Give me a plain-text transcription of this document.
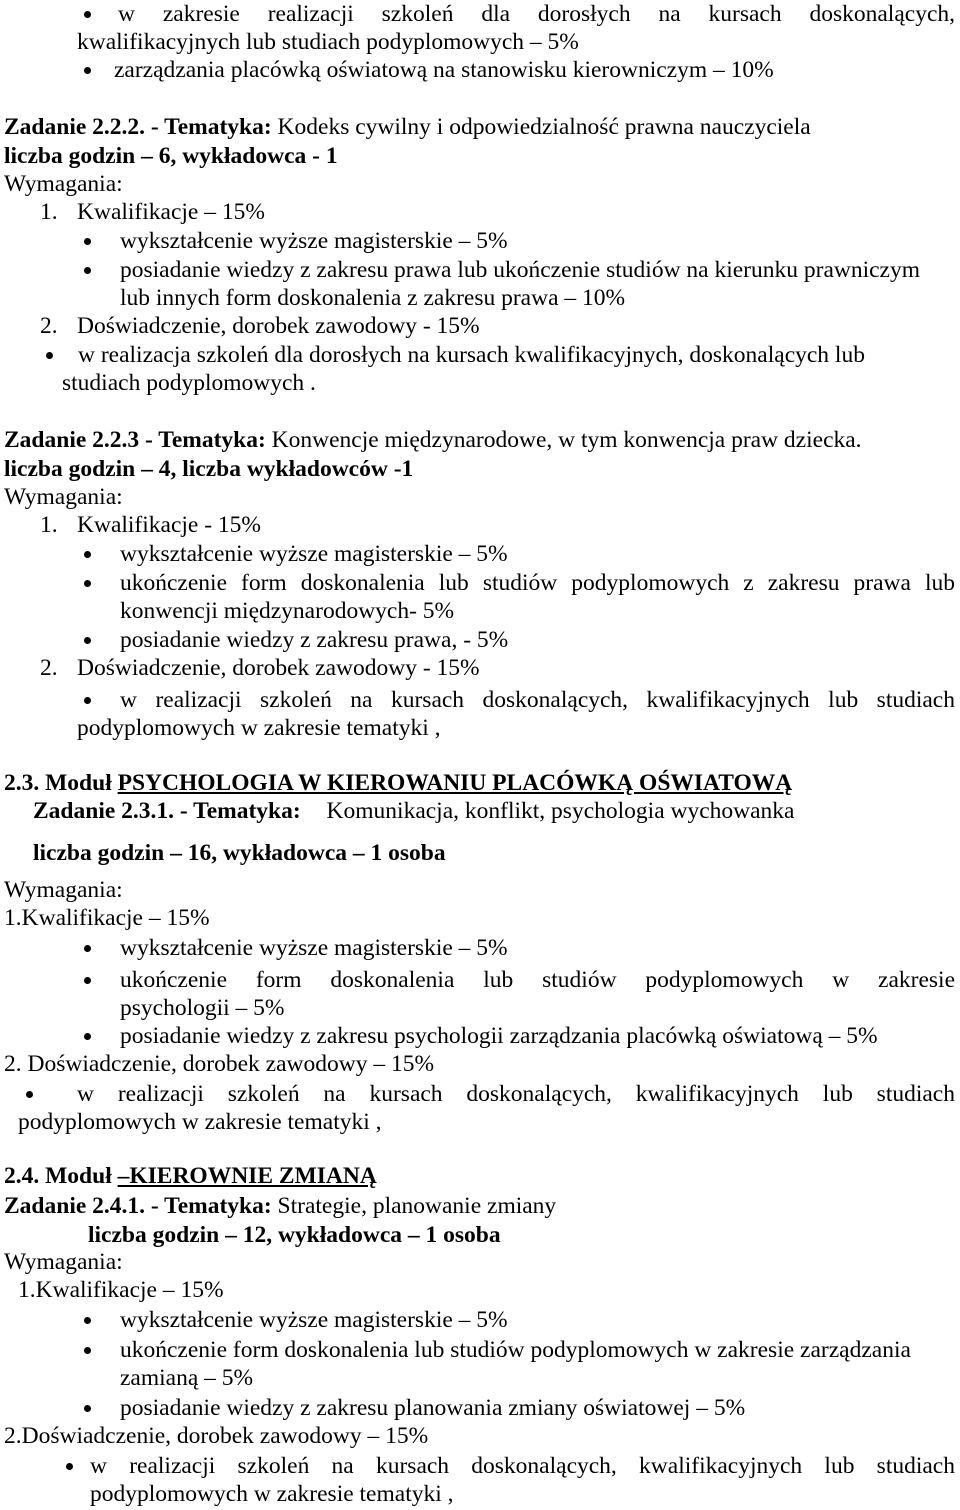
w zakresie realizacji szkoleń dla dorosłych na kursach doskonalących,
kwalifikacyjnych lub studiach podyplomowych – 5%
zarządzania placówką oświatową na stanowisku kierowniczym – 10%
Zadanie 2.2.2. - Tematyka: Kodeks cywilny i odpowiedzialność prawna nauczyciela
liczba godzin – 6, wykładowca - 1
Wymagania:
1. Kwalifikacje – 15%
wykształcenie wyższe magisterskie – 5%
posiadanie wiedzy z zakresu prawa lub ukończenie studiów na kierunku prawniczym
lub innych form doskonalenia z zakresu prawa – 10%
2. Doświadczenie, dorobek zawodowy - 15%
w realizacja szkoleń dla dorosłych na kursach kwalifikacyjnych, doskonalących lub
studiach podyplomowych .
Zadanie 2.2.3 - Tematyka: Konwencje międzynarodowe, w tym konwencja praw dziecka.
liczba godzin – 4, liczba wykładowców -1
Wymagania:
1. Kwalifikacje - 15%
wykształcenie wyższe magisterskie – 5%
ukończenie form doskonalenia lub studiów podyplomowych z zakresu prawa lub
konwencji międzynarodowych- 5%
posiadanie wiedzy z zakresu prawa, - 5%
2. Doświadczenie, dorobek zawodowy - 15%
w realizacji szkoleń na kursach doskonalących, kwalifikacyjnych lub studiach
podyplomowych w zakresie tematyki ,
2.3. Moduł PSYCHOLOGIA W KIEROWANIU PLACÓWKĄ OŚWIATOWĄ
Zadanie 2.3.1. - Tematyka: Komunikacja, konflikt, psychologia wychowanka
liczba godzin – 16, wykładowca – 1 osoba
Wymagania:
1.Kwalifikacje – 15%
wykształcenie wyższe magisterskie – 5%
ukończenie form doskonalenia lub studiów podyplomowych w zakresie
psychologii – 5%
posiadanie wiedzy z zakresu psychologii zarządzania placówką oświatową – 5%
2. Doświadczenie, dorobek zawodowy – 15%
w realizacji szkoleń na kursach doskonalących, kwalifikacyjnych lub studiach
podyplomowych w zakresie tematyki ,
2.4. Moduł –KIEROWNIE ZMIANĄ
Zadanie 2.4.1. - Tematyka: Strategie, planowanie zmiany
liczba godzin – 12, wykładowca – 1 osoba
Wymagania:
1.Kwalifikacje – 15%
wykształcenie wyższe magisterskie – 5%
ukończenie form doskonalenia lub studiów podyplomowych w zakresie zarządzania
zamianą – 5%
posiadanie wiedzy z zakresu planowania zmiany oświatowej – 5%
2.Doświadczenie, dorobek zawodowy – 15%
w realizacji szkoleń na kursach doskonalących, kwalifikacyjnych lub studiach
podyplomowych w zakresie tematyki ,
